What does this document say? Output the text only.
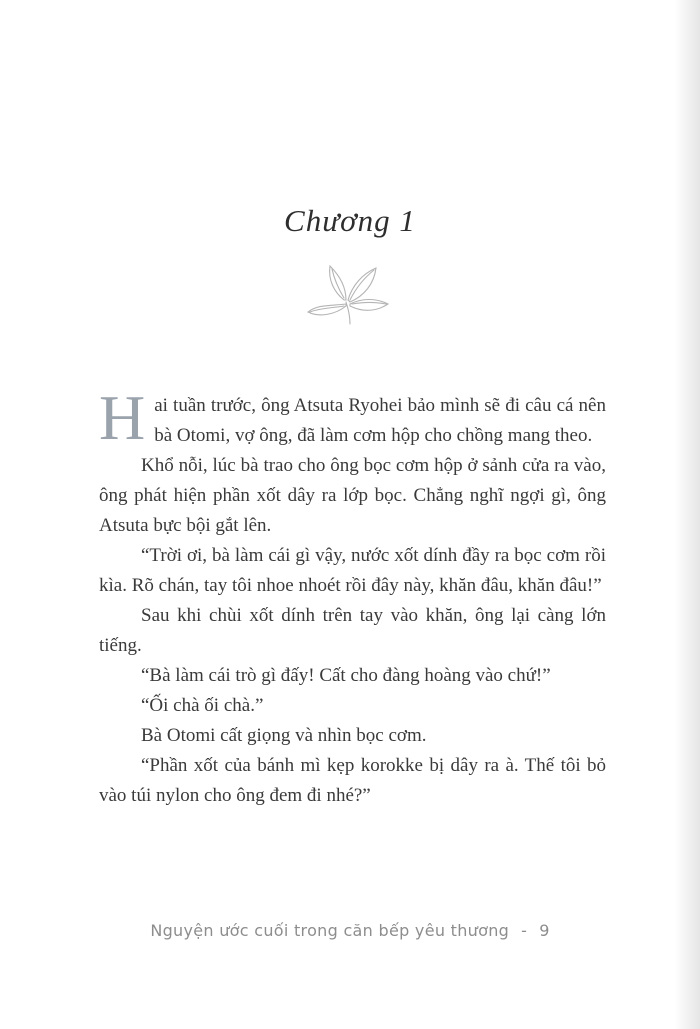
Chương 1

Hai tuần trước, ông Atsuta Ryohei bảo mình sẽ đi câu cá nên bà Otomi, vợ ông, đã làm cơm hộp cho chồng mang theo.

Khổ nỗi, lúc bà trao cho ông bọc cơm hộp ở sảnh cửa ra vào, ông phát hiện phần xốt dây ra lớp bọc. Chẳng nghĩ ngợi gì, ông Atsuta bực bội gắt lên.

“Trời ơi, bà làm cái gì vậy, nước xốt dính đầy ra bọc cơm rồi kìa. Rõ chán, tay tôi nhoe nhoét rồi đây này, khăn đâu, khăn đâu!”

Sau khi chùi xốt dính trên tay vào khăn, ông lại càng lớn tiếng.

“Bà làm cái trò gì đấy! Cất cho đàng hoàng vào chứ!”

“Ối chà ối chà.”

Bà Otomi cất giọng và nhìn bọc cơm.

“Phần xốt của bánh mì kẹp korokke bị dây ra à. Thế tôi bỏ vào túi nylon cho ông đem đi nhé?”

Nguyện ước cuối trong căn bếp yêu thương - 9
